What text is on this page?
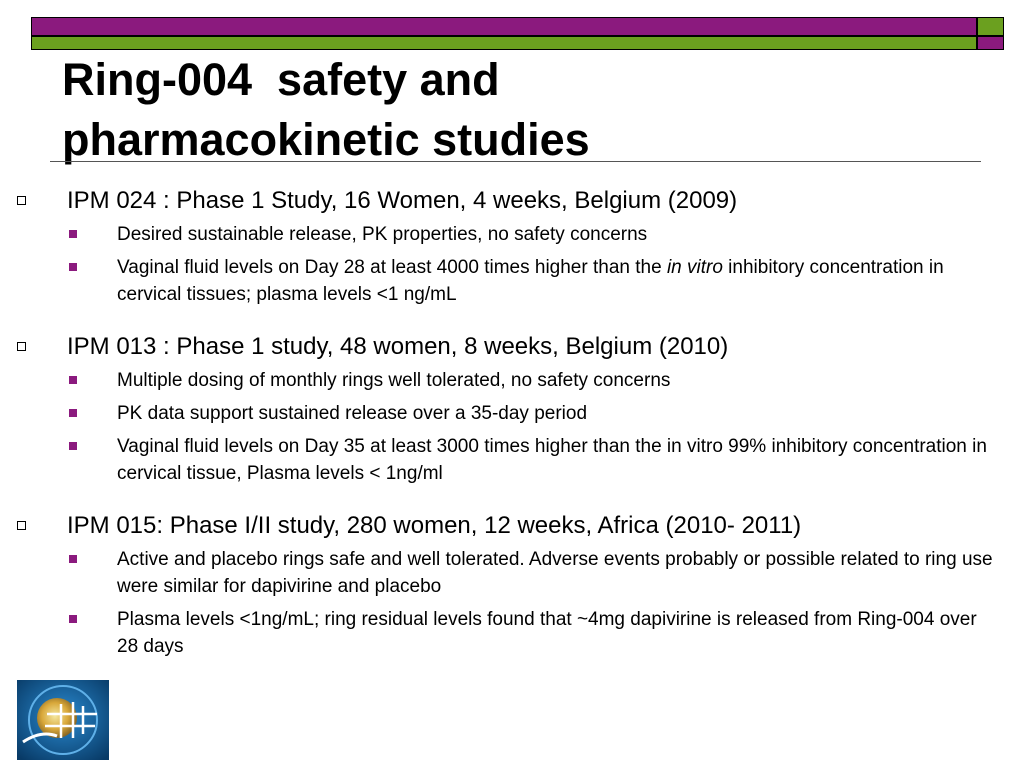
Ring-004  safety and
pharmacokinetic studies
IPM 024 : Phase 1 Study, 16 Women, 4 weeks, Belgium (2009)
Desired sustainable release, PK properties, no safety concerns
Vaginal fluid levels on Day 28 at least 4000 times higher than the in vitro inhibitory concentration in cervical tissues; plasma levels <1 ng/mL
IPM 013 : Phase 1 study, 48 women, 8 weeks, Belgium (2010)
Multiple dosing of monthly rings well tolerated, no safety concerns
PK data support sustained release over a 35-day period
Vaginal fluid levels on Day 35 at least 3000 times higher than the in vitro 99% inhibitory concentration in cervical tissue, Plasma levels < 1ng/ml
IPM 015: Phase I/II study, 280 women, 12 weeks, Africa (2010- 2011)
Active and placebo rings safe and well tolerated. Adverse events probably or possible related to ring use were similar for dapivirine and placebo
Plasma levels <1ng/mL; ring residual levels found that ~4mg dapivirine is released from Ring-004 over 28 days
